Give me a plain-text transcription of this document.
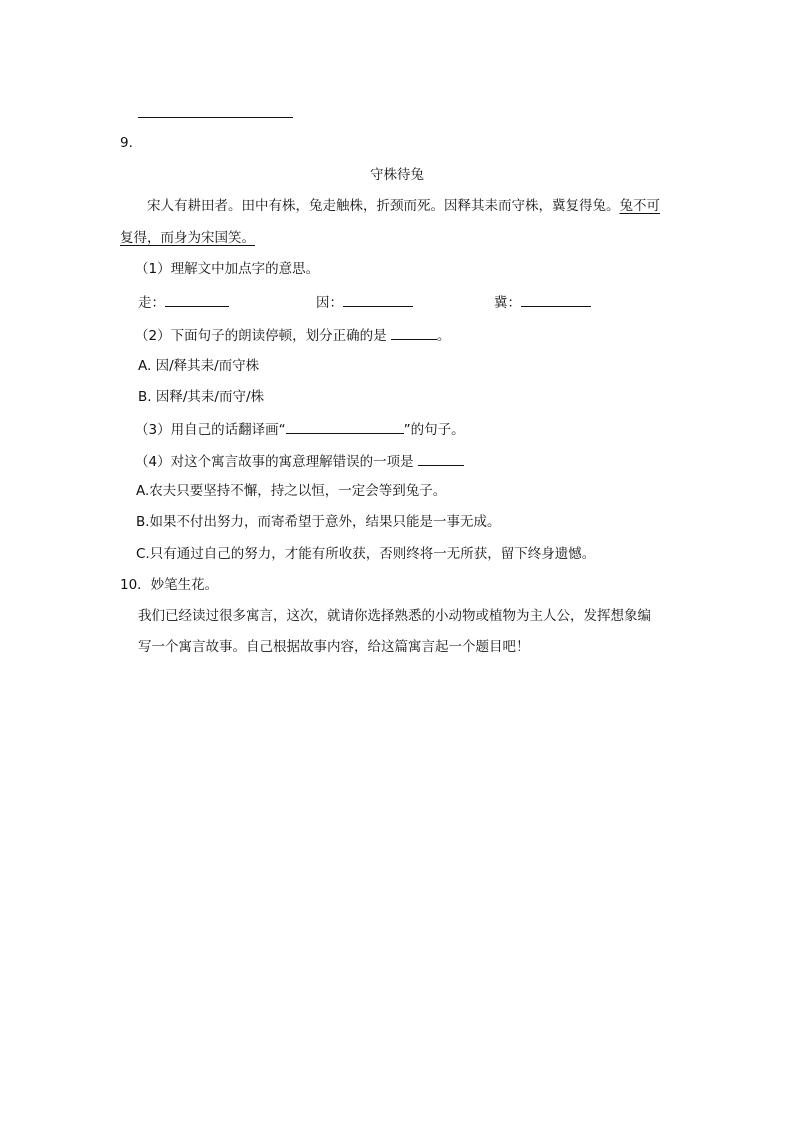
9．
守株待兔
宋人有耕田者。田中有株，兔走触株，折颈而死。因释其耒而守株，冀复得兔。兔不可
复得，而身为宋国笑。
（1）理解文中加点字的意思。
走：	因：	冀：
（2）下面句子的朗读停顿，划分正确的是	。
A. 因/释其耒/而守株
B. 因释/其耒/而守/株
（3）用自己的话翻译画“	”的句子。
（4）对这个寓言故事的寓意理解错误的一项是
A.农夫只要坚持不懈，持之以恒，一定会等到兔子。
B.如果不付出努力，而寄希望于意外，结果只能是一事无成。
C.只有通过自己的努力，才能有所收获，否则终将一无所获，留下终身遗憾。
10．妙笔生花。
我们已经读过很多寓言，这次，就请你选择熟悉的小动物或植物为主人公，发挥想象编
写一个寓言故事。自己根据故事内容，给这篇寓言起一个题目吧！
